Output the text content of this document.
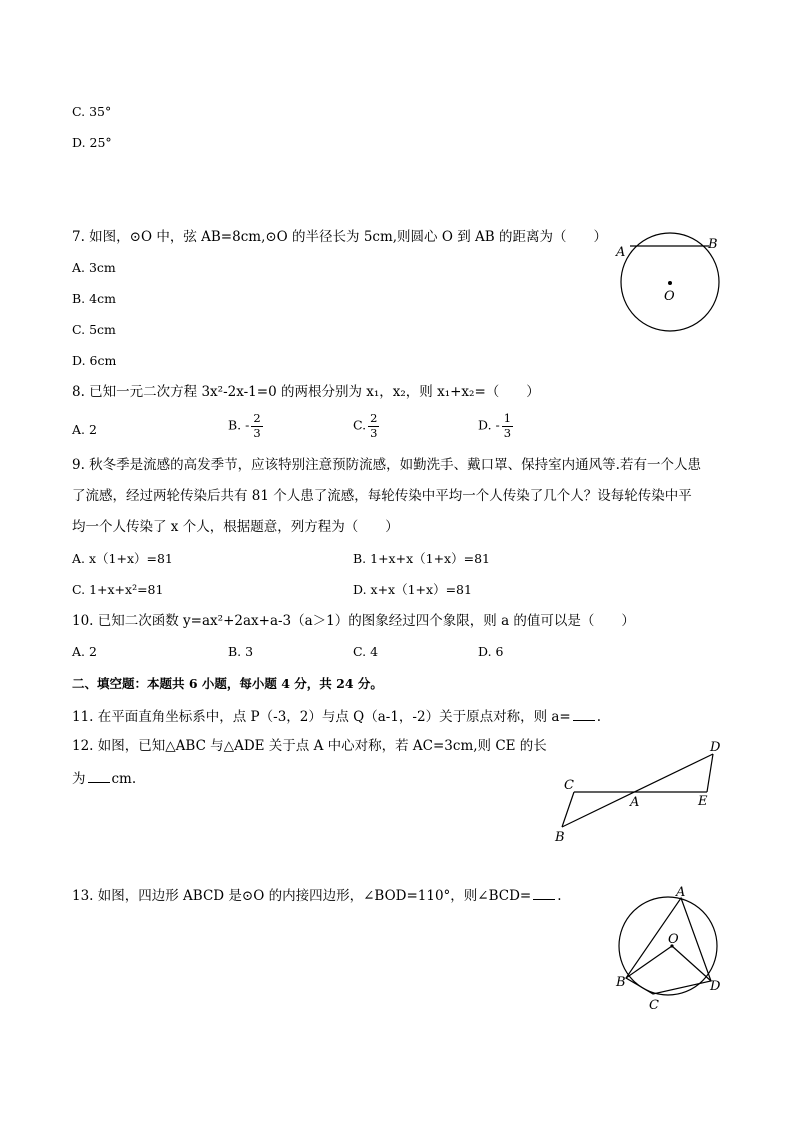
C. 35°
D. 25°
7. 如图，⊙O 中，弦 AB=8cm,⊙O 的半径长为 5cm,则圆心 O 到 AB 的距离为（　　）
A. 3cm
B. 4cm
C. 5cm
D. 6cm
A
B
O
8. 已知一元二次方程 3x²-2x-1=0 的两根分别为 x₁，x₂，则 x₁+x₂=（　　）
A. 2	B. - $\frac{2}{3}$	C. $\frac{2}{3}$	D. - $\frac{1}{3}$
9. 秋冬季是流感的高发季节，应该特别注意预防流感，如勤洗手、戴口罩、保持室内通风等.若有一个人患
了流感，经过两轮传染后共有 81 个人患了流感，每轮传染中平均一个人传染了几个人？设每轮传染中平
均一个人传染了 x 个人，根据题意，列方程为（　　）
A. x（1+x）=81	B. 1+x+x（1+x）=81
C. 1+x+x²=81	D. x+x（1+x）=81
10. 已知二次函数 y=ax²+2ax+a-3（a＞1）的图象经过四个象限，则 a 的值可以是（　　）
A. 2	B. 3	C. 4	D. 6
二、填空题：本题共 6 小题，每小题 4 分，共 24 分。
11. 在平面直角坐标系中，点 P（-3，2）与点 Q（a-1，-2）关于原点对称，则 a= .
12. 如图，已知△ABC 与△ADE 关于点 A 中心对称，若 AC=3cm,则 CE 的长
为 cm.	C
A	E
D
B
13. 如图，四边形 ABCD 是⊙O 的内接四边形，∠BOD=110°，则∠BCD= .	A
O
B	D
C
